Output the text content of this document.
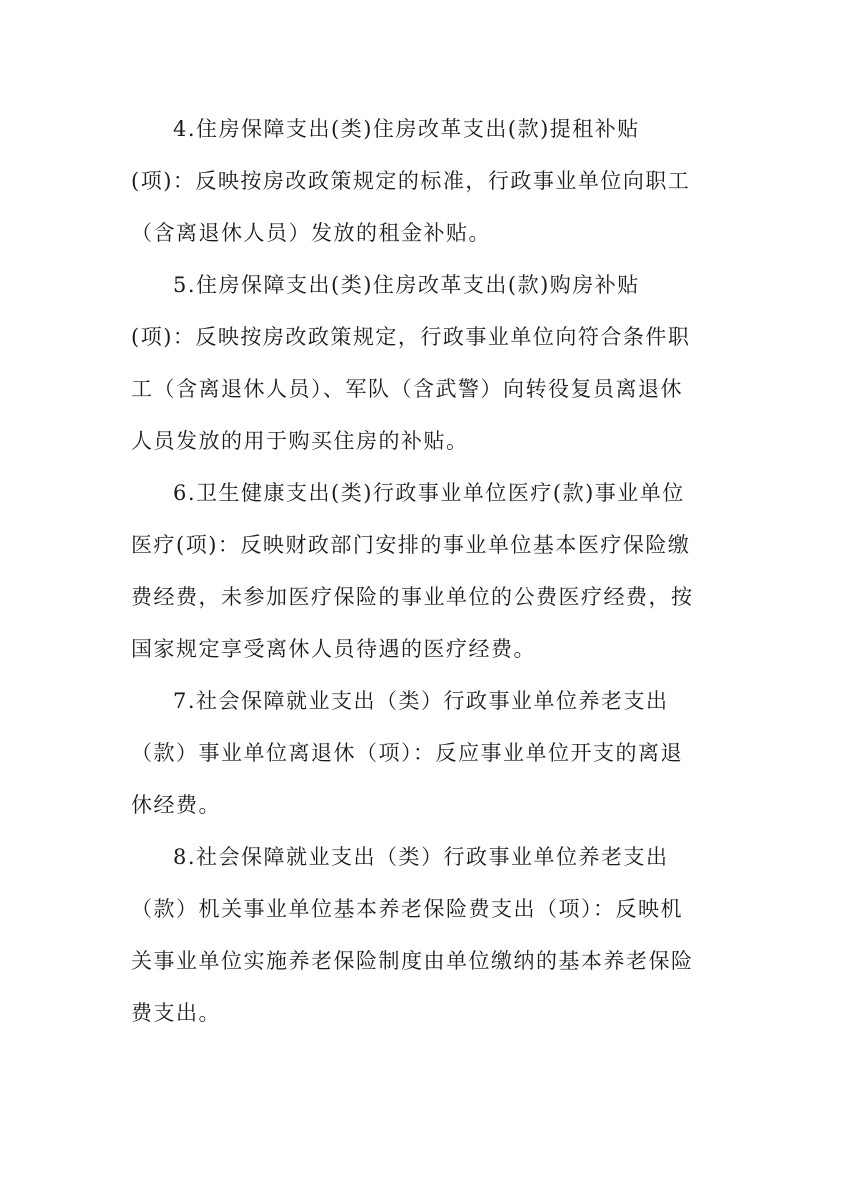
4.住房保障支出(类)住房改革支出(款)提租补贴
(项)：反映按房改政策规定的标准，行政事业单位向职工
（含离退休人员）发放的租金补贴。
5.住房保障支出(类)住房改革支出(款)购房补贴
(项)：反映按房改政策规定，行政事业单位向符合条件职
工（含离退休人员）、军队（含武警）向转役复员离退休
人员发放的用于购买住房的补贴。
6.卫生健康支出(类)行政事业单位医疗(款)事业单位
医疗(项)：反映财政部门安排的事业单位基本医疗保险缴
费经费，未参加医疗保险的事业单位的公费医疗经费，按
国家规定享受离休人员待遇的医疗经费。
7.社会保障就业支出（类）行政事业单位养老支出
（款）事业单位离退休（项）：反应事业单位开支的离退
休经费。
8.社会保障就业支出（类）行政事业单位养老支出
（款）机关事业单位基本养老保险费支出（项）：反映机
关事业单位实施养老保险制度由单位缴纳的基本养老保险
费支出。
